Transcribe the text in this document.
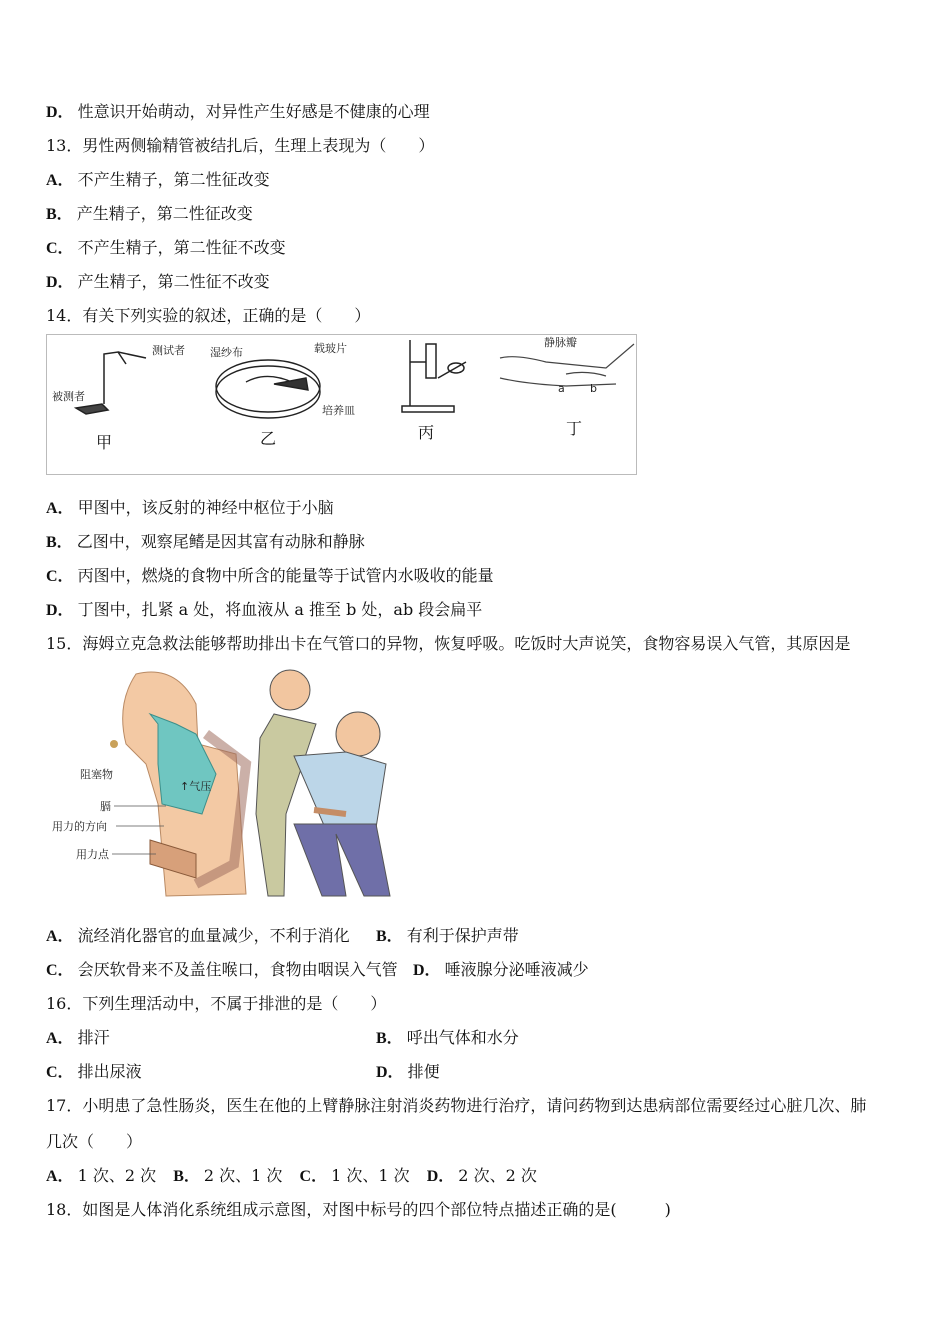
D． 性意识开始萌动，对异性产生好感是不健康的心理
13．男性两侧输精管被结扎后，生理上表现为（　　）
A． 不产生精子，第二性征改变
B． 产生精子，第二性征改变
C． 不产生精子，第二性征不改变
D． 产生精子，第二性征不改变
14．有关下列实验的叙述，正确的是（　　）
测试者
被测者
甲
湿纱布	载玻片
培养皿
乙	丙
静脉瓣
a b
丁
A． 甲图中，该反射的神经中枢位于小脑
B． 乙图中，观察尾鳍是因其富有动脉和静脉
C． 丙图中，燃烧的食物中所含的能量等于试管内水吸收的能量
D． 丁图中，扎紧 a 处，将血液从 a 推至 b 处，ab 段会扁平
15．海姆立克急救法能够帮助排出卡在气管口的异物，恢复呼吸。吃饭时大声说笑，食物容易误入气管，其原因是
阻塞物
↑气压
膈
用力的方向
用力点
A． 流经消化器官的血量减少，不利于消化 B． 有利于保护声带
C． 会厌软骨来不及盖住喉口，食物由咽误入气管 D． 唾液腺分泌唾液减少
16．下列生理活动中，不属于排泄的是（　　）
A． 排汗	B． 呼出气体和水分
C． 排出尿液	D． 排便
17．小明患了急性肠炎，医生在他的上臂静脉注射消炎药物进行治疗，请问药物到达患病部位需要经过心脏几次、肺
几次（　　）
A． 1 次、2 次 B． 2 次、1 次 C． 1 次、1 次 D． 2 次、2 次
18．如图是人体消化系统组成示意图，对图中标号的四个部位特点描述正确的是(　　　)
